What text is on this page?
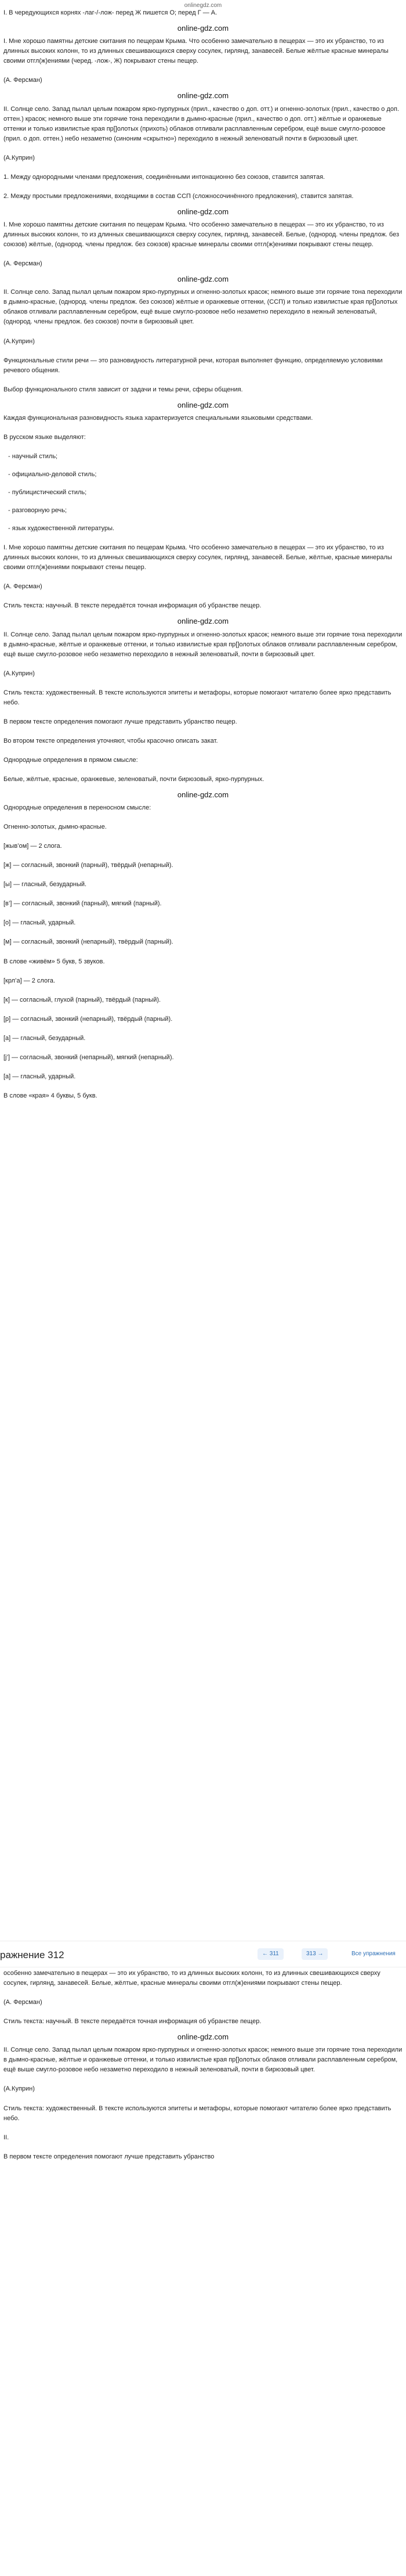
onlinegdz.com

I. В чередующихся корнях -лаг-/-лож- перед Ж пишется О; перед Г — А.

online-gdz.com

I. Мне хорошо памятны детские скитания по пещерам Крыма. Что особенно замечательно в пещерах — это их убранство, то из длинных высоких колонн, то из длинных свешивающихся сверху сосулек, гирлянд, занавесей. Белые жёлтые красные минералы своими отгл(ж)ениями (черед. -лож-, Ж) покрывают стены пещер.

(А. Ферсман)

online-gdz.com

II. Солнце село. Запад пылал целым пожаром ярко-пурпурных (прил., качество о доп. отт.) и огненно-золотых (прил., качество о доп. оттен.) красок; немного выше эти горячие тона переходили в дымно-красные (прил., качество о доп. отт.) жёлтые и оранжевые оттенки и только извилистые края пр[]олотых (прихоть) облаков отливали расплавленным серебром, ещё выше смугло-розовое (прил. о доп. оттен.) небо незаметно (синоним «скрытно») переходило в нежный зеленоватый почти в бирюзовый цвет.

(А.Куприн)

1. Между однородными членами предложения, соединёнными интонационно без союзов, ставится запятая.

2. Между простыми предложениями, входящими в состав ССП (сложносочинённого предложения), ставится запятая.

online-gdz.com

I. Мне хорошо памятны детские скитания по пещерам Крыма. Что особенно замечательно в пещерах — это их убранство, то из длинных высоких колонн, то из длинных свешивающихся сверху сосулек, гирлянд, занавесей. Белые, (однород. члены предлож. без союзов) жёлтые, (однород. члены предлож. без союзов) красные минералы своими отгл(ж)ениями покрывают стены пещер.

(А. Ферсман)

online-gdz.com

II. Солнце село. Запад пылал целым пожаром ярко-пурпурных и огненно-золотых красок; немного выше эти горячие тона переходили в дымно-красные, (однород. члены предлож. без союзов) жёлтые и оранжевые оттенки, (ССП) и только извилистые края пр[]олотых облаков отливали расплавленным серебром, ещё выше смугло-розовое небо незаметно переходило в нежный зеленоватый, (однород. члены предлож. без союзов) почти в бирюзовый цвет.

(А.Куприн)

Функциональные стили речи — это разновидность литературной речи, которая выполняет функцию, определяемую условиями речевого общения.

Выбор функционального стиля зависит от задачи и темы речи, сферы общения.

online-gdz.com

Каждая функциональная разновидность языка характеризуется специальными языковыми средствами.

В русском языке выделяют:

- научный стиль;
- официально-деловой стиль;
- публицистический стиль;
- разговорную речь;
- язык художественной литературы.

I. Мне хорошо памятны детские скитания по пещерам Крыма. Что особенно замечательно в пещерах — это их убранство, то из длинных высоких колонн, то из длинных свешивающихся сверху сосулек, гирлянд, занавесей. Белые, жёлтые, красные минералы своими отгл(ж)ениями покрывают стены пещер.

(А. Ферсман)

Стиль текста: научный. В тексте передаётся точная информация об убранстве пещер.

online-gdz.com

II. Солнце село. Запад пылал целым пожаром ярко-пурпурных и огненно-золотых красок; немного выше эти горячие тона переходили в дымно-красные, жёлтые и оранжевые оттенки, и только извилистые края пр[]олотых облаков отливали расплавленным серебром, ещё выше смугло-розовое небо незаметно переходило в нежный зеленоватый, почти в бирюзовый цвет.

(А.Куприн)

Стиль текста: художественный. В тексте используются эпитеты и метафоры, которые помогают читателю более ярко представить небо.

В первом тексте определения помогают лучше представить убранство пещер.

Во втором тексте определения уточняют, чтобы красочно описать закат.

Однородные определения в прямом смысле:

Белые, жёлтые, красные, оранжевые, зеленоватый, почти бирюзовый, ярко-пурпурных.

online-gdz.com

Однородные определения в переносном смысле:

Огненно-золотых, дымно-красные.

[жыв’ом] — 2 слога.

[ж] — согласный, звонкий (парный), твёрдый (непарный).

[ы] — гласный, безударный.

[в’] — согласный, звонкий (парный), мягкий (парный).

[о] — гласный, ударный.

[м] — согласный, звонкий (непарный), твёрдый (парный).

В слове «живём» 5 букв, 5 звуков.

[крл’а] — 2 слога.

[к] — согласный, глухой (парный), твёрдый (парный).

[р] — согласный, звонкий (непарный), твёрдый (парный).

[а] — гласный, безударный.

[j’] — согласный, звонкий (непарный), мягкий (непарный).

[а] — гласный, ударный.

В слове «края» 4 буквы, 5 букв.

ражнение 312	← 311	313 →	Все упражнения

особенно замечательно в пещерах — это их убранство, то из длинных высоких колонн, то из длинных свешивающихся сверху сосулек, гирлянд, занавесей. Белые, жёлтые, красные минералы своими отгл(ж)ениями покрывают стены пещер.

(А. Ферсман)

Стиль текста: научный. В тексте передаётся точная информация об убранстве пещер.

online-gdz.com

II. Солнце село. Запад пылал целым пожаром ярко-пурпурных и огненно-золотых красок; немного выше эти горячие тона переходили в дымно-красные, жёлтые и оранжевые оттенки, и только извилистые края пр[]олотых облаков отливали расплавленным серебром, ещё выше смугло-розовое небо незаметно переходило в нежный зеленоватый, почти в бирюзовый цвет.

(А.Куприн)

Стиль текста: художественный. В тексте используются эпитеты и метафоры, которые помогают читателю более ярко представить небо.

II.

В первом тексте определения помогают лучше представить убранство
